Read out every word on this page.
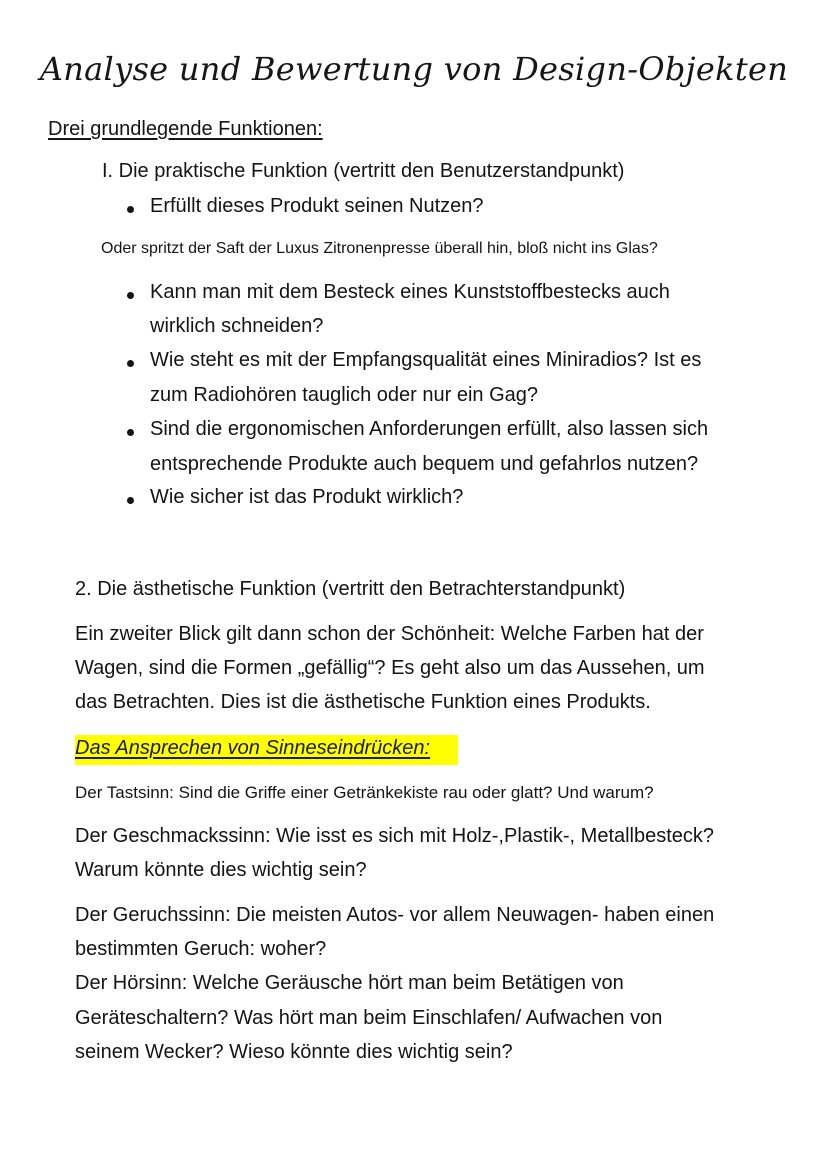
Analyse und Bewertung von Design-Objekten
Drei grundlegende Funktionen:
I. Die praktische Funktion (vertritt den Benutzerstandpunkt)
Erfüllt dieses Produkt seinen Nutzen?
Oder spritzt der Saft der Luxus Zitronenpresse überall hin, bloß nicht ins Glas?
Kann man mit dem Besteck eines Kunststoffbestecks auch
wirklich schneiden?
Wie steht es mit der Empfangsqualität eines Miniradios? Ist es
zum Radiohören tauglich oder nur ein Gag?
Sind die ergonomischen Anforderungen erfüllt, also lassen sich
entsprechende Produkte auch bequem und gefahrlos nutzen?
Wie sicher ist das Produkt wirklich?
2. Die ästhetische Funktion (vertritt den Betrachterstandpunkt)
Ein zweiter Blick gilt dann schon der Schönheit: Welche Farben hat der
Wagen, sind die Formen „gefällig“? Es geht also um das Aussehen, um
das Betrachten. Dies ist die ästhetische Funktion eines Produkts.
Das Ansprechen von Sinneseindrücken:
Der Tastsinn: Sind die Griffe einer Getränkekiste rau oder glatt? Und warum?
Der Geschmackssinn: Wie isst es sich mit Holz-,Plastik-, Metallbesteck?
Warum könnte dies wichtig sein?
Der Geruchssinn: Die meisten Autos- vor allem Neuwagen- haben einen
bestimmten Geruch: woher?
Der Hörsinn: Welche Geräusche hört man beim Betätigen von
Geräteschaltern? Was hört man beim Einschlafen/ Aufwachen von
seinem Wecker? Wieso könnte dies wichtig sein?
